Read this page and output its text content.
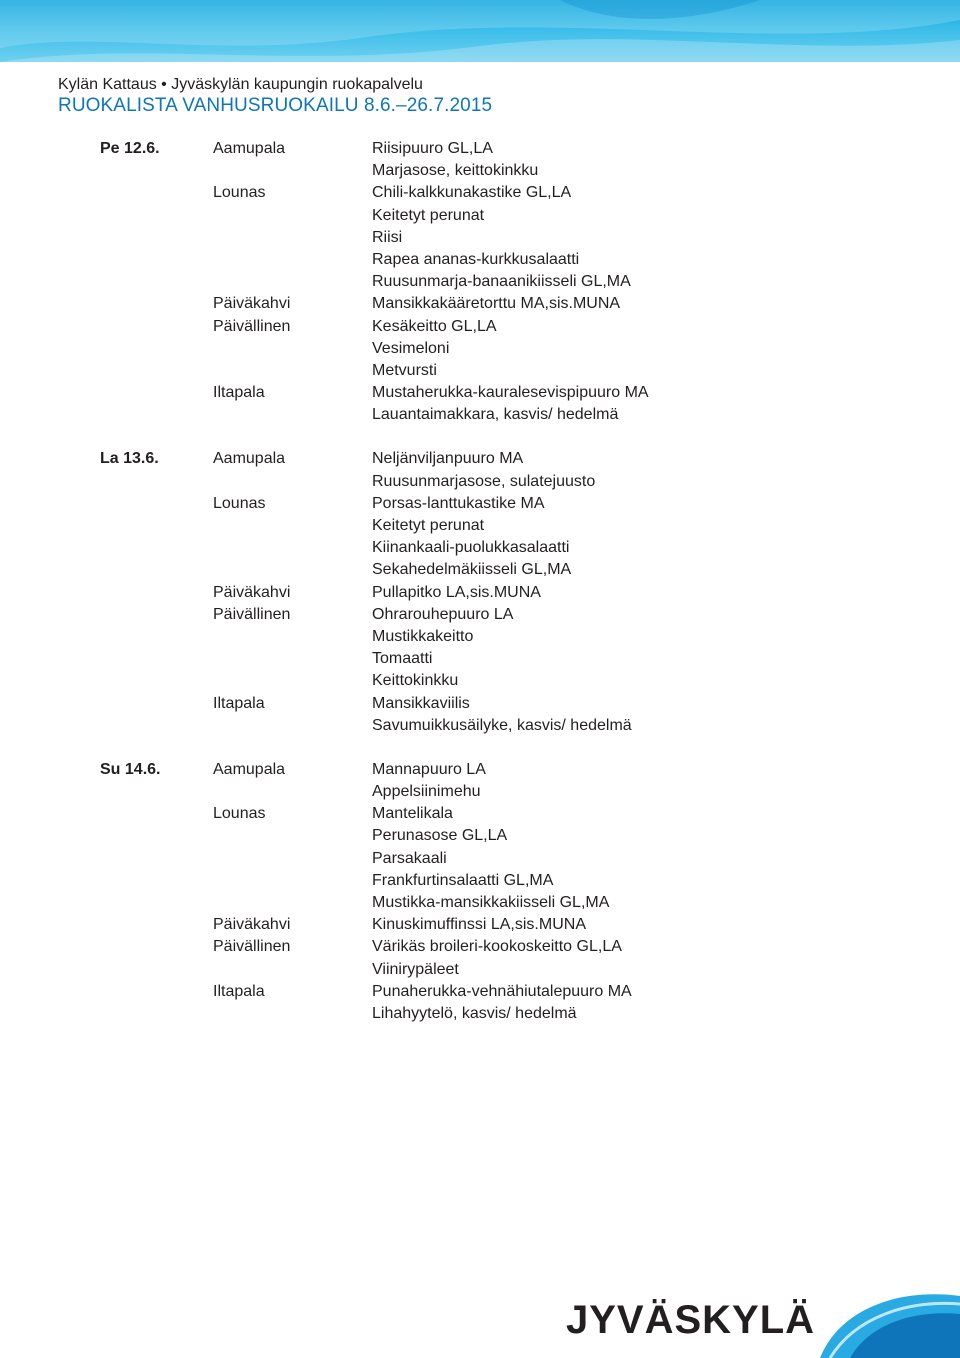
Kylän Kattaus • Jyväskylän kaupungin ruokapalvelu
RUOKALISTA VANHUSRUOKAILU 8.6.–26.7.2015
Pe 12.6.	Aamupala	Riisipuuro GL,LA
Marjasose, keittokinkku
Lounas	Chili-kalkkunakastike GL,LA
Keitetyt perunat
Riisi
Rapea ananas-kurkkusalaatti
Ruusunmarja-banaanikiisseli GL,MA
Päiväkahvi	Mansikkakääretorttu MA,sis.MUNA
Päivällinen	Kesäkeitto GL,LA
Vesimeloni
Metvursti
Iltapala	Mustaherukka-kauralesevispipuuro MA
Lauantaimakkara, kasvis/ hedelmä
La 13.6.	Aamupala	Neljänviljanpuuro MA
Ruusunmarjasose, sulatejuusto
Lounas	Porsas-lanttukastike MA
Keitetyt perunat
Kiinankaali-puolukkasalaatti
Sekahedelmäkiisseli GL,MA
Päiväkahvi	Pullapitko LA,sis.MUNA
Päivällinen	Ohrarouhepuuro LA
Mustikkakeitto
Tomaatti
Keittokinkku
Iltapala	Mansikkaviilis
Savumuikkusäilyke, kasvis/ hedelmä
Su 14.6.	Aamupala	Mannapuuro LA
Appelsiinimehu
Lounas	Mantelikala
Perunasose GL,LA
Parsakaali
Frankfurtinsalaatti GL,MA
Mustikka-mansikkakiisseli GL,MA
Päiväkahvi	Kinuskimuffinssi LA,sis.MUNA
Päivällinen	Värikäs broileri-kookoskeitto GL,LA
Viinirypäleet
Iltapala	Punaherukka-vehnähiutalepuuro MA
Lihahyytelö, kasvis/ hedelmä
JYVÄSKYLÄ
